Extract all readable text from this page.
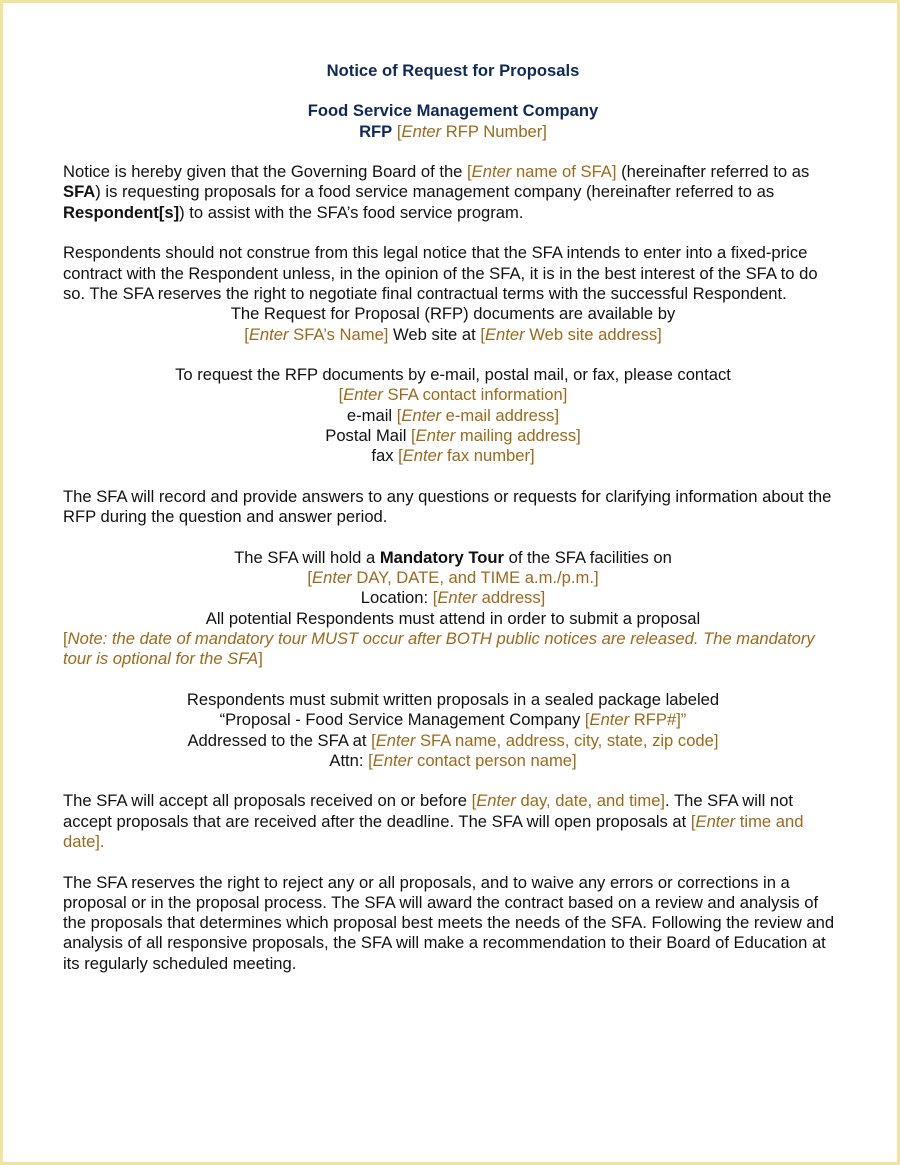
Notice of Request for Proposals

Food Service Management Company

RFP [Enter RFP Number]

Notice is hereby given that the Governing Board of the [Enter name of SFA] (hereinafter referred to as SFA) is requesting proposals for a food service management company (hereinafter referred to as Respondent[s]) to assist with the SFA’s food service program.

Respondents should not construe from this legal notice that the SFA intends to enter into a fixed-price contract with the Respondent unless, in the opinion of the SFA, it is in the best interest of the SFA to do so. The SFA reserves the right to negotiate final contractual terms with the successful Respondent.

The Request for Proposal (RFP) documents are available by

[Enter SFA’s Name] Web site at [Enter Web site address]

To request the RFP documents by e-mail, postal mail, or fax, please contact

[Enter SFA contact information]

e-mail [Enter e-mail address]

Postal Mail [Enter mailing address]

fax [Enter fax number]

The SFA will record and provide answers to any questions or requests for clarifying information about the RFP during the question and answer period.

The SFA will hold a Mandatory Tour of the SFA facilities on

[Enter DAY, DATE, and TIME a.m./p.m.]

Location: [Enter address]

All potential Respondents must attend in order to submit a proposal

[Note: the date of mandatory tour MUST occur after BOTH public notices are released. The mandatory tour is optional for the SFA]

Respondents must submit written proposals in a sealed package labeled

“Proposal - Food Service Management Company [Enter RFP#]”

Addressed to the SFA at [Enter SFA name, address, city, state, zip code]

Attn: [Enter contact person name]

The SFA will accept all proposals received on or before [Enter day, date, and time]. The SFA will not accept proposals that are received after the deadline. The SFA will open proposals at [Enter time and date].

The SFA reserves the right to reject any or all proposals, and to waive any errors or corrections in a proposal or in the proposal process. The SFA will award the contract based on a review and analysis of the proposals that determines which proposal best meets the needs of the SFA. Following the review and analysis of all responsive proposals, the SFA will make a recommendation to their Board of Education at its regularly scheduled meeting.
